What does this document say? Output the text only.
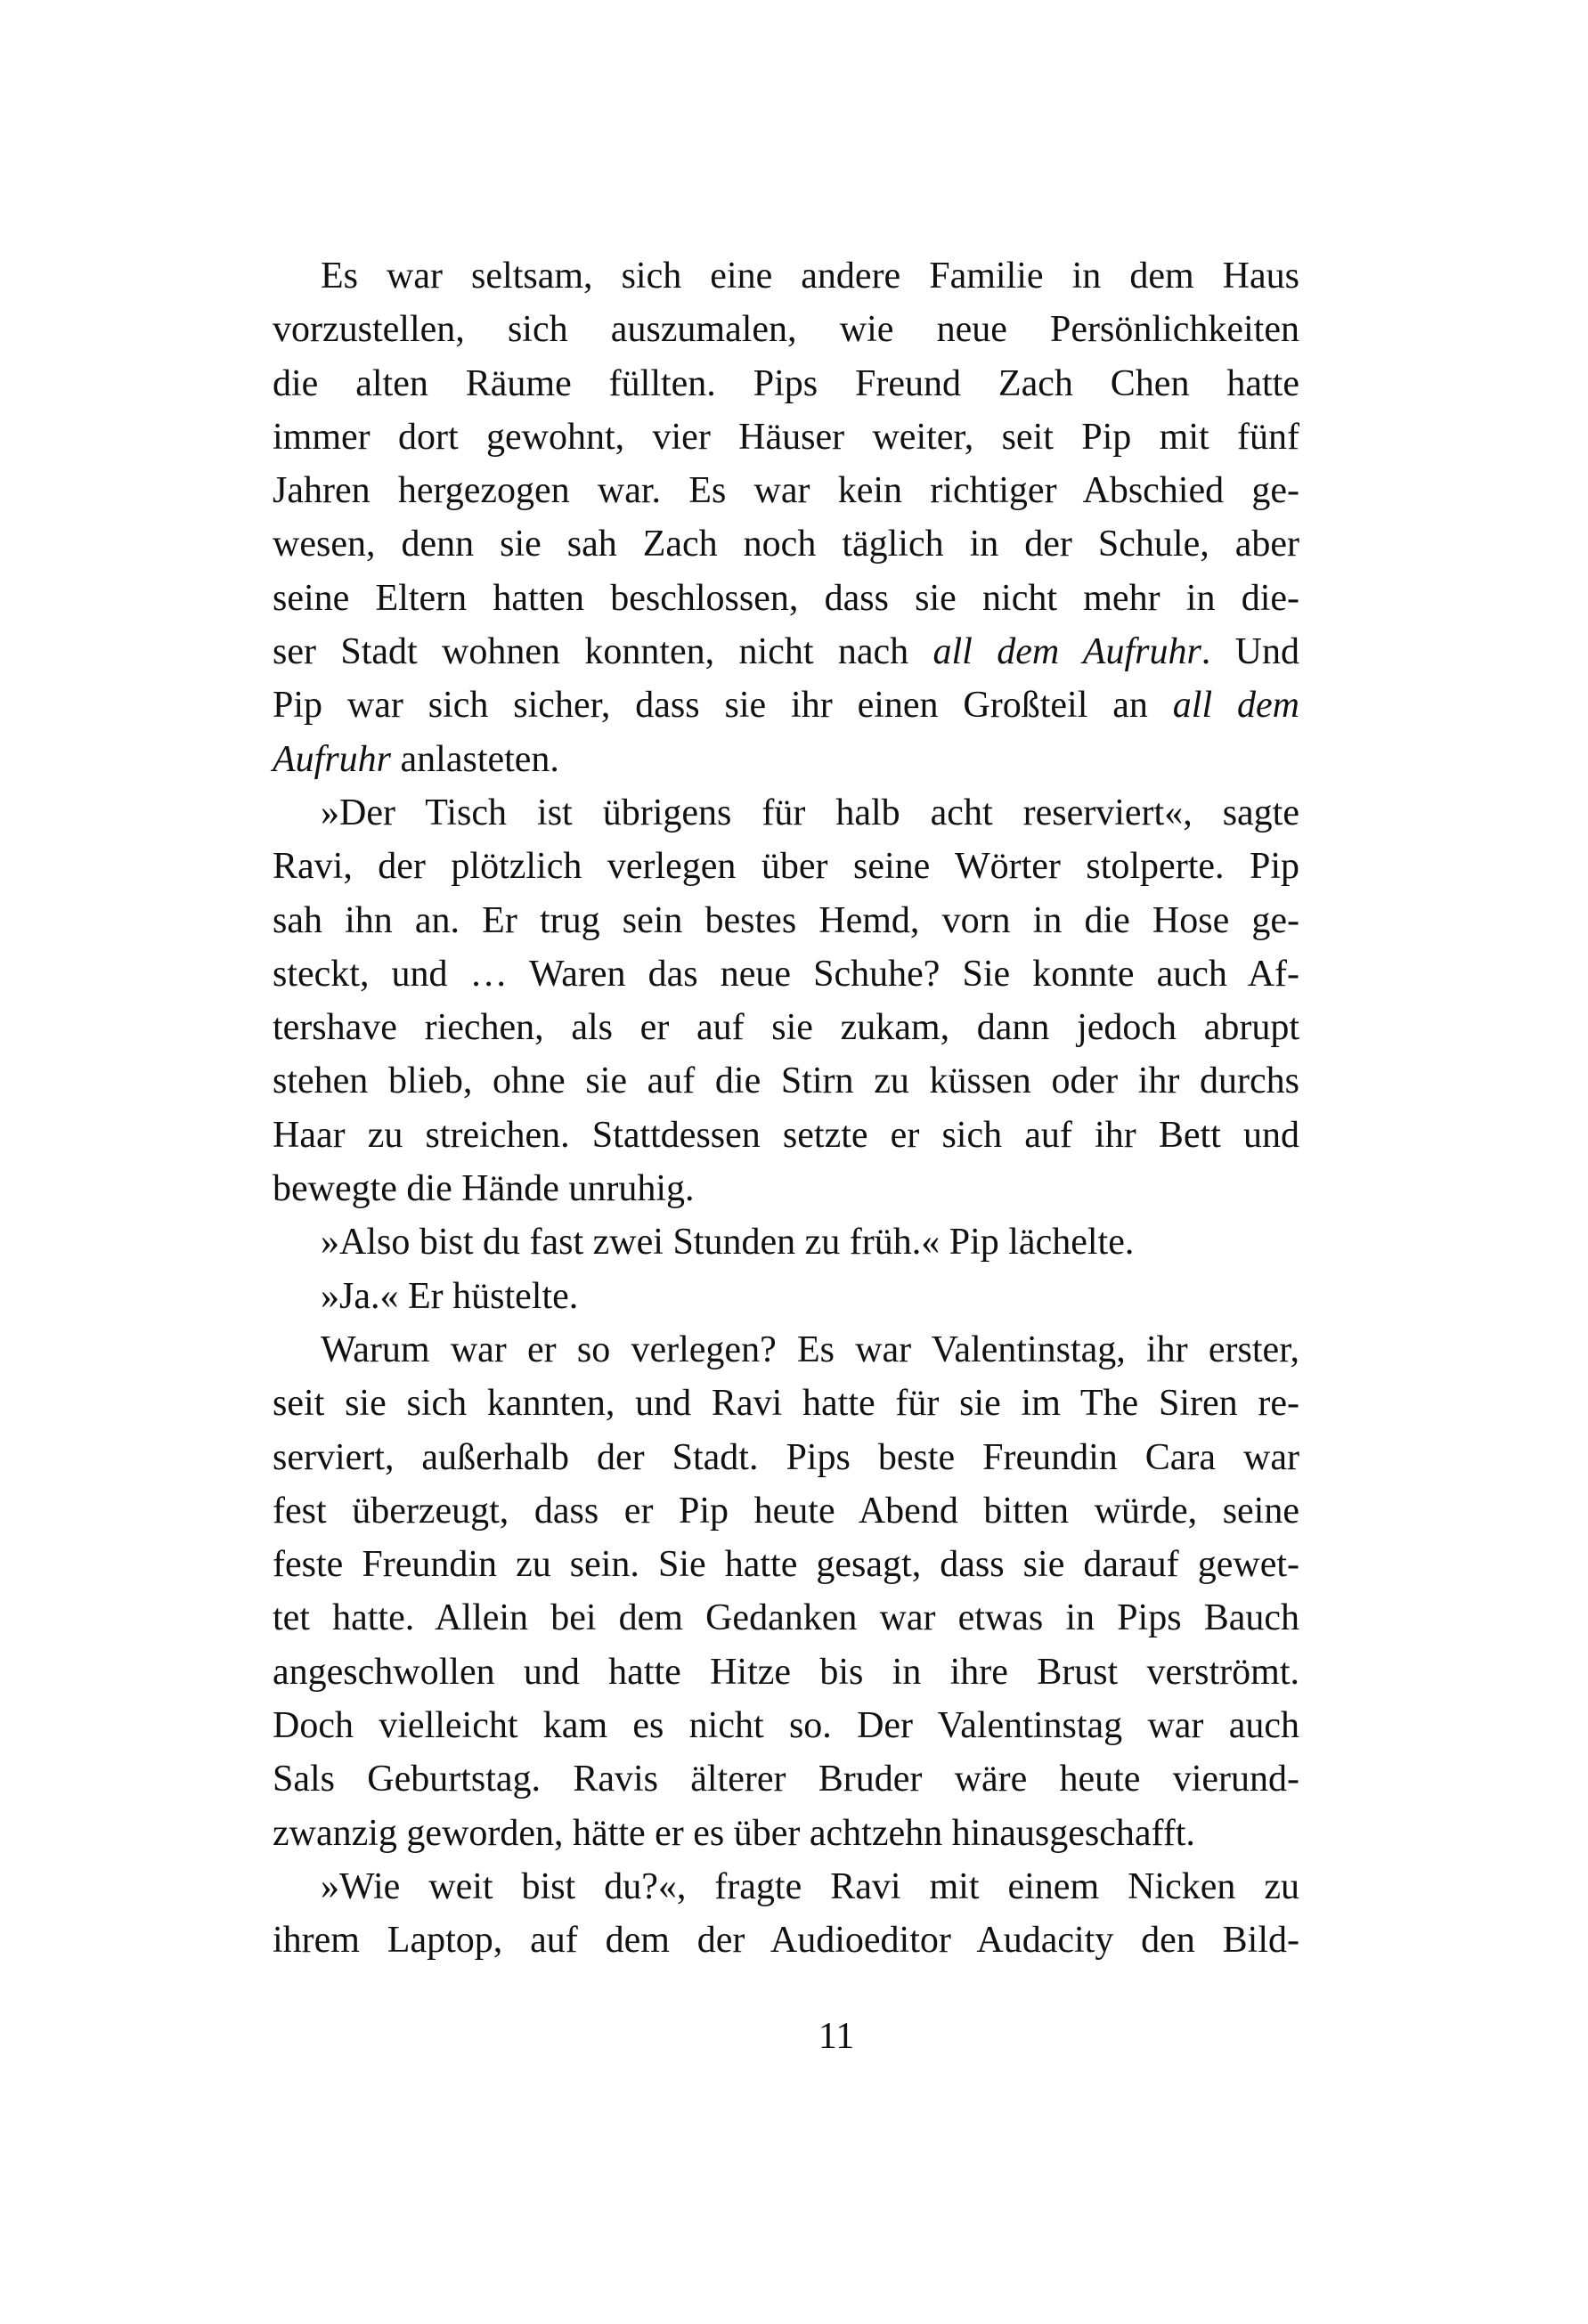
Es war seltsam, sich eine andere Familie in dem Haus
vorzustellen, sich auszumalen, wie neue Persönlichkeiten
die alten Räume füllten. Pips Freund Zach Chen hatte
immer dort gewohnt, vier Häuser weiter, seit Pip mit fünf
Jahren hergezogen war. Es war kein richtiger Abschied ge-
wesen, denn sie sah Zach noch täglich in der Schule, aber
seine Eltern hatten beschlossen, dass sie nicht mehr in die-
ser Stadt wohnen konnten, nicht nach all dem Aufruhr. Und
Pip war sich sicher, dass sie ihr einen Großteil an all dem
Aufruhr anlasteten.
»Der Tisch ist übrigens für halb acht reserviert«, sagte
Ravi, der plötzlich verlegen über seine Wörter stolperte. Pip
sah ihn an. Er trug sein bestes Hemd, vorn in die Hose ge-
steckt, und … Waren das neue Schuhe? Sie konnte auch Af-
tershave riechen, als er auf sie zukam, dann jedoch abrupt
stehen blieb, ohne sie auf die Stirn zu küssen oder ihr durchs
Haar zu streichen. Stattdessen setzte er sich auf ihr Bett und
bewegte die Hände unruhig.
»Also bist du fast zwei Stunden zu früh.« Pip lächelte.
»Ja.« Er hüstelte.
Warum war er so verlegen? Es war Valentinstag, ihr erster,
seit sie sich kannten, und Ravi hatte für sie im The Siren re-
serviert, außerhalb der Stadt. Pips beste Freundin Cara war
fest überzeugt, dass er Pip heute Abend bitten würde, seine
feste Freundin zu sein. Sie hatte gesagt, dass sie darauf gewet-
tet hatte. Allein bei dem Gedanken war etwas in Pips Bauch
angeschwollen und hatte Hitze bis in ihre Brust verströmt.
Doch vielleicht kam es nicht so. Der Valentinstag war auch
Sals Geburtstag. Ravis älterer Bruder wäre heute vierund-
zwanzig geworden, hätte er es über achtzehn hinausgeschafft.
»Wie weit bist du?«, fragte Ravi mit einem Nicken zu
ihrem Laptop, auf dem der Audioeditor Audacity den Bild-
11
